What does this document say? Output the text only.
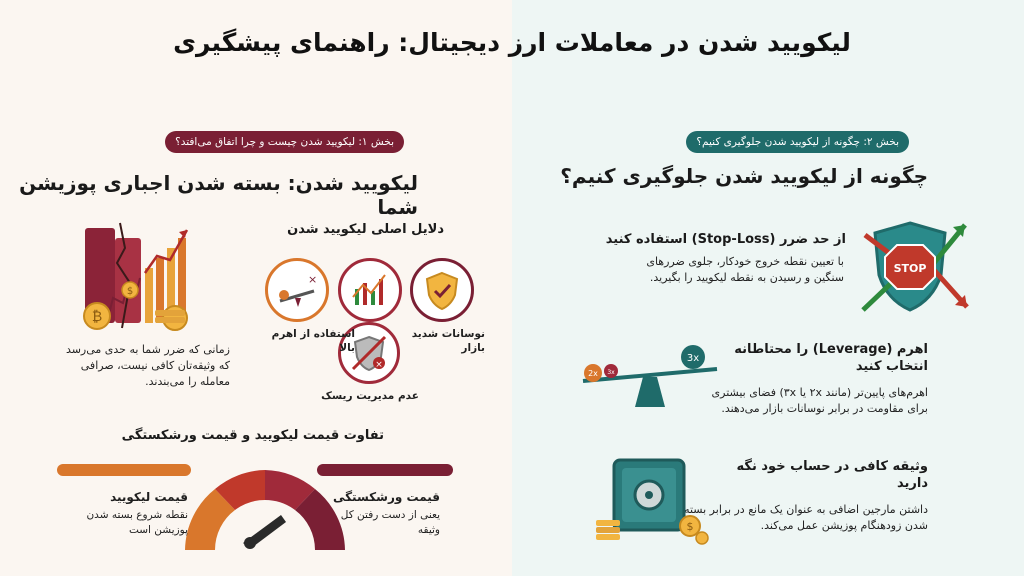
لیکویید شدن در معاملات ارز دیجیتال: راهنمای پیشگیری
بخش ۱: لیکویید شدن چیست و چرا اتفاق می‌افتد؟
لیکویید شدن: بسته شدن اجباری پوزیشن شما
₿
$
زمانی که ضرر شما به حدی می‌رسد که وثیقه‌تان کافی نیست، صرافی معامله را می‌بندند.
دلایل اصلی لیکویید شدن
×
×
استفاده از اهرم بالا
نوسانات شدید بازار
عدم مدیریت ریسک
تفاوت قیمت لیکویید و قیمت ورشکستگی
قیمت لیکویید
نقطه شروع بسته شدن پوزیشن است
قیمت ورشکستگی
یعنی از دست رفتن کل وثیقه
بخش ۲: چگونه از لیکویید شدن جلوگیری کنیم؟
چگونه از لیکویید شدن جلوگیری کنیم؟
از حد ضرر (Stop-Loss) استفاده کنید
با تعیین نقطه خروج خودکار، جلوی ضررهای سنگین و رسیدن به نقطه لیکویید را بگیرید.
STOP
اهرم (Leverage) را محتاطانه انتخاب کنید
اهرم‌های پایین‌تر (مانند ۲x یا ۳x) فضای بیشتری برای مقاومت در برابر نوسانات بازار می‌دهند.
3x
2x 3x
وثیقه کافی در حساب خود نگه دارید
داشتن مارجین اضافی به عنوان یک مانع در برابر بسته شدن زودهنگام پوزیشن عمل می‌کند.
$
